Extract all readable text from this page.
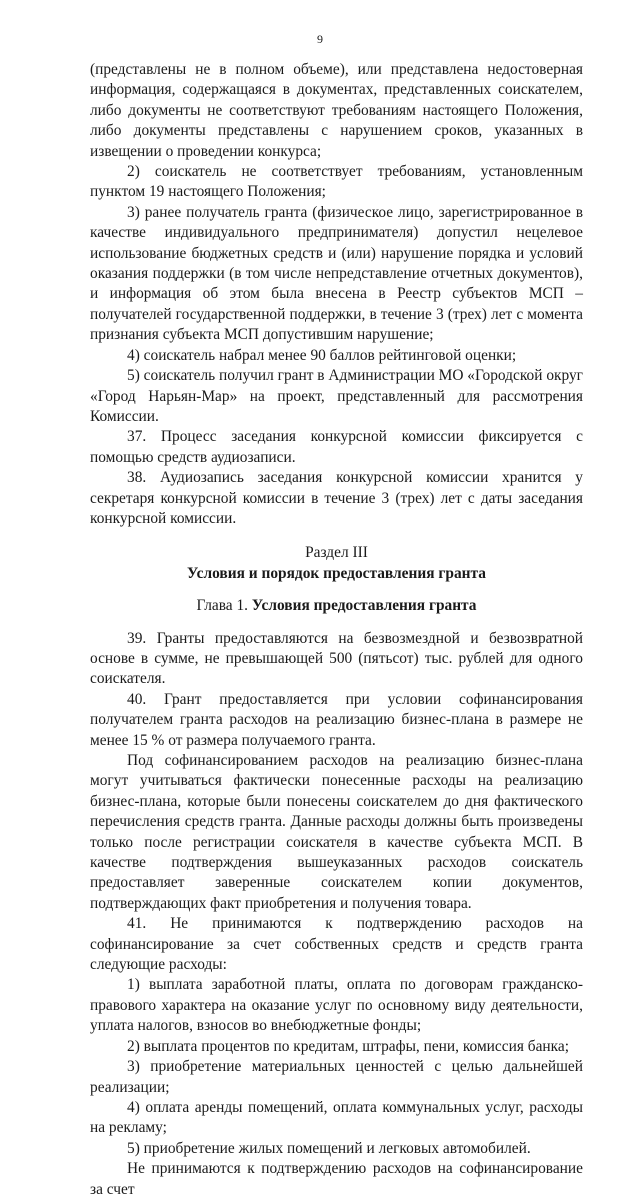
9

(представлены не в полном объеме), или представлена недостоверная информация, содержащаяся в документах, представленных соискателем, либо документы не соответствуют требованиям настоящего Положения, либо документы представлены с нарушением сроков, указанных в извещении о проведении конкурса;

2) соискатель не соответствует требованиям, установленным пунктом 19 настоящего Положения;

3) ранее получатель гранта (физическое лицо, зарегистрированное в качестве индивидуального предпринимателя) допустил нецелевое использование бюджетных средств и (или) нарушение порядка и условий оказания поддержки (в том числе непредставление отчетных документов), и информация об этом была внесена в Реестр субъектов МСП – получателей государственной поддержки, в течение 3 (трех) лет с момента признания субъекта МСП допустившим нарушение;

4) соискатель набрал менее 90 баллов рейтинговой оценки;

5) соискатель получил грант в Администрации МО «Городской округ «Город Нарьян-Мар» на проект, представленный для рассмотрения Комиссии.

37. Процесс заседания конкурсной комиссии фиксируется с помощью средств аудиозаписи.

38. Аудиозапись заседания конкурсной комиссии хранится у секретаря конкурсной комиссии в течение 3 (трех) лет с даты заседания конкурсной комиссии.

Раздел III

Условия и порядок предоставления гранта

Глава 1. Условия предоставления гранта

39. Гранты предоставляются на безвозмездной и безвозвратной основе в сумме, не превышающей 500 (пятьсот) тыс. рублей для одного соискателя.

40. Грант предоставляется при условии софинансирования получателем гранта расходов на реализацию бизнес-плана в размере не менее 15 % от размера получаемого гранта.

Под софинансированием расходов на реализацию бизнес-плана могут учитываться фактически понесенные расходы на реализацию бизнес-плана, которые были понесены соискателем до дня фактического перечисления средств гранта. Данные расходы должны быть произведены только после регистрации соискателя в качестве субъекта МСП. В качестве подтверждения вышеуказанных расходов соискатель предоставляет заверенные соискателем копии документов, подтверждающих факт приобретения и получения товара.

41. Не принимаются к подтверждению расходов на софинансирование за счет собственных средств и средств гранта следующие расходы:

1) выплата заработной платы, оплата по договорам гражданско-правового характера на оказание услуг по основному виду деятельности, уплата налогов, взносов во внебюджетные фонды;

2) выплата процентов по кредитам, штрафы, пени, комиссия банка;

3) приобретение материальных ценностей с целью дальнейшей реализации;

4) оплата аренды помещений, оплата коммунальных услуг, расходы на рекламу;

5) приобретение жилых помещений и легковых автомобилей.

Не принимаются к подтверждению расходов на софинансирование за счет
